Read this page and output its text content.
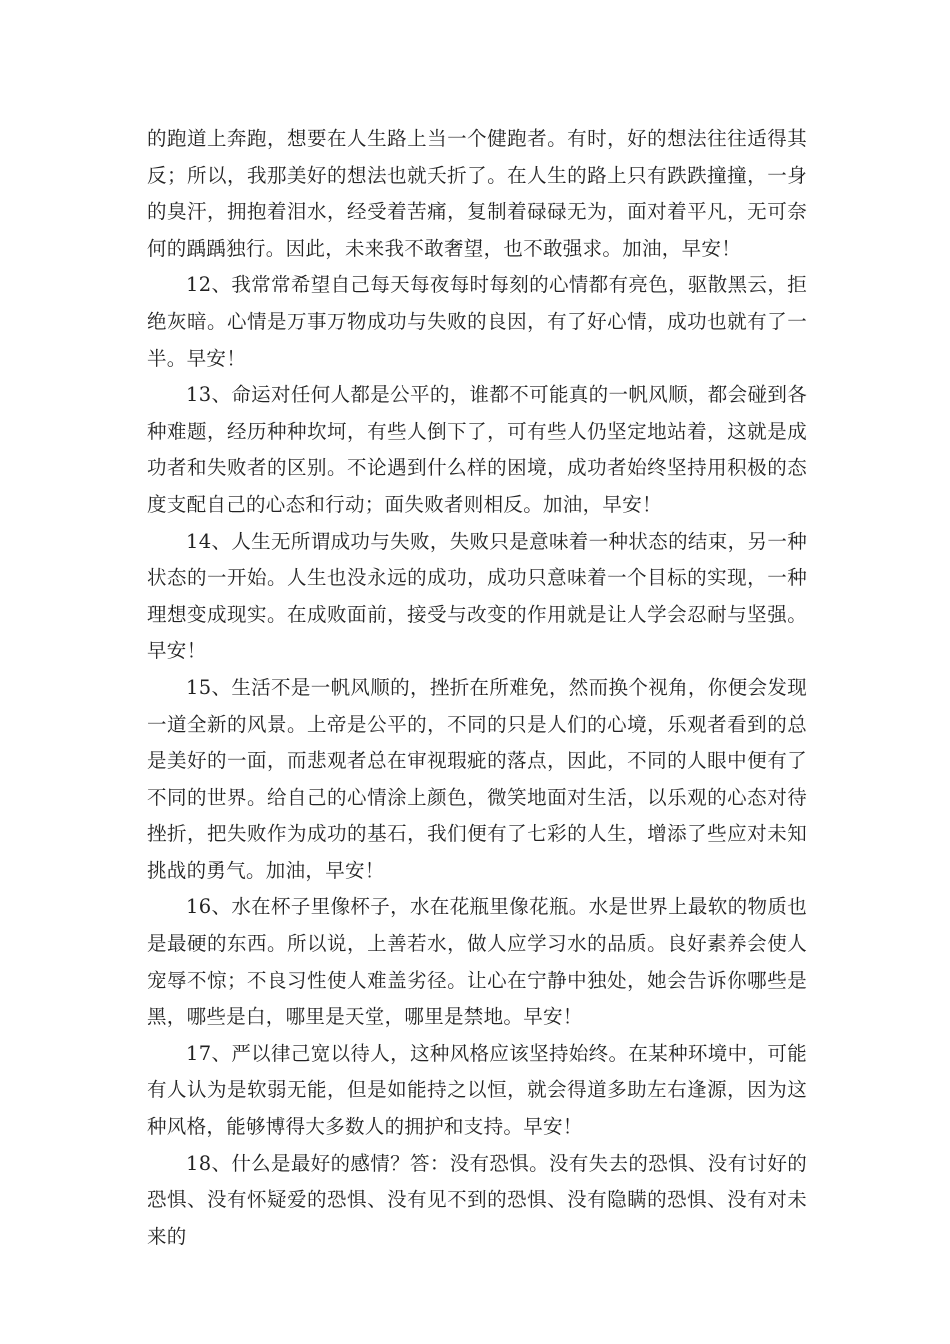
的跑道上奔跑，想要在人生路上当一个健跑者。有时，好的想法往往适得其反；所以，我那美好的想法也就夭折了。在人生的路上只有跌跌撞撞，一身的臭汗，拥抱着泪水，经受着苦痛，复制着碌碌无为，面对着平凡，无可奈何的踽踽独行。因此，未来我不敢奢望，也不敢强求。加油，早安！

12、我常常希望自己每天每夜每时每刻的心情都有亮色，驱散黑云，拒绝灰暗。心情是万事万物成功与失败的良因，有了好心情，成功也就有了一半。早安！

13、命运对任何人都是公平的，谁都不可能真的一帆风顺，都会碰到各种难题，经历种种坎坷，有些人倒下了，可有些人仍坚定地站着，这就是成功者和失败者的区别。不论遇到什么样的困境，成功者始终坚持用积极的态度支配自己的心态和行动；面失败者则相反。加油，早安！

14、人生无所谓成功与失败，失败只是意味着一种状态的结束，另一种状态的一开始。人生也没永远的成功，成功只意味着一个目标的实现，一种理想变成现实。在成败面前，接受与改变的作用就是让人学会忍耐与坚强。早安！

15、生活不是一帆风顺的，挫折在所难免，然而换个视角，你便会发现一道全新的风景。上帝是公平的，不同的只是人们的心境，乐观者看到的总是美好的一面，而悲观者总在审视瑕疵的落点，因此，不同的人眼中便有了不同的世界。给自己的心情涂上颜色，微笑地面对生活，以乐观的心态对待挫折，把失败作为成功的基石，我们便有了七彩的人生，增添了些应对未知挑战的勇气。加油，早安！

16、水在杯子里像杯子，水在花瓶里像花瓶。水是世界上最软的物质也是最硬的东西。所以说，上善若水，做人应学习水的品质。良好素养会使人宠辱不惊；不良习性使人难盖劣径。让心在宁静中独处，她会告诉你哪些是黑，哪些是白，哪里是天堂，哪里是禁地。早安！

17、严以律己宽以待人，这种风格应该坚持始终。在某种环境中，可能有人认为是软弱无能，但是如能持之以恒，就会得道多助左右逢源，因为这种风格，能够博得大多数人的拥护和支持。早安！

18、什么是最好的感情？答：没有恐惧。没有失去的恐惧、没有讨好的恐惧、没有怀疑爱的恐惧、没有见不到的恐惧、没有隐瞒的恐惧、没有对未来的
